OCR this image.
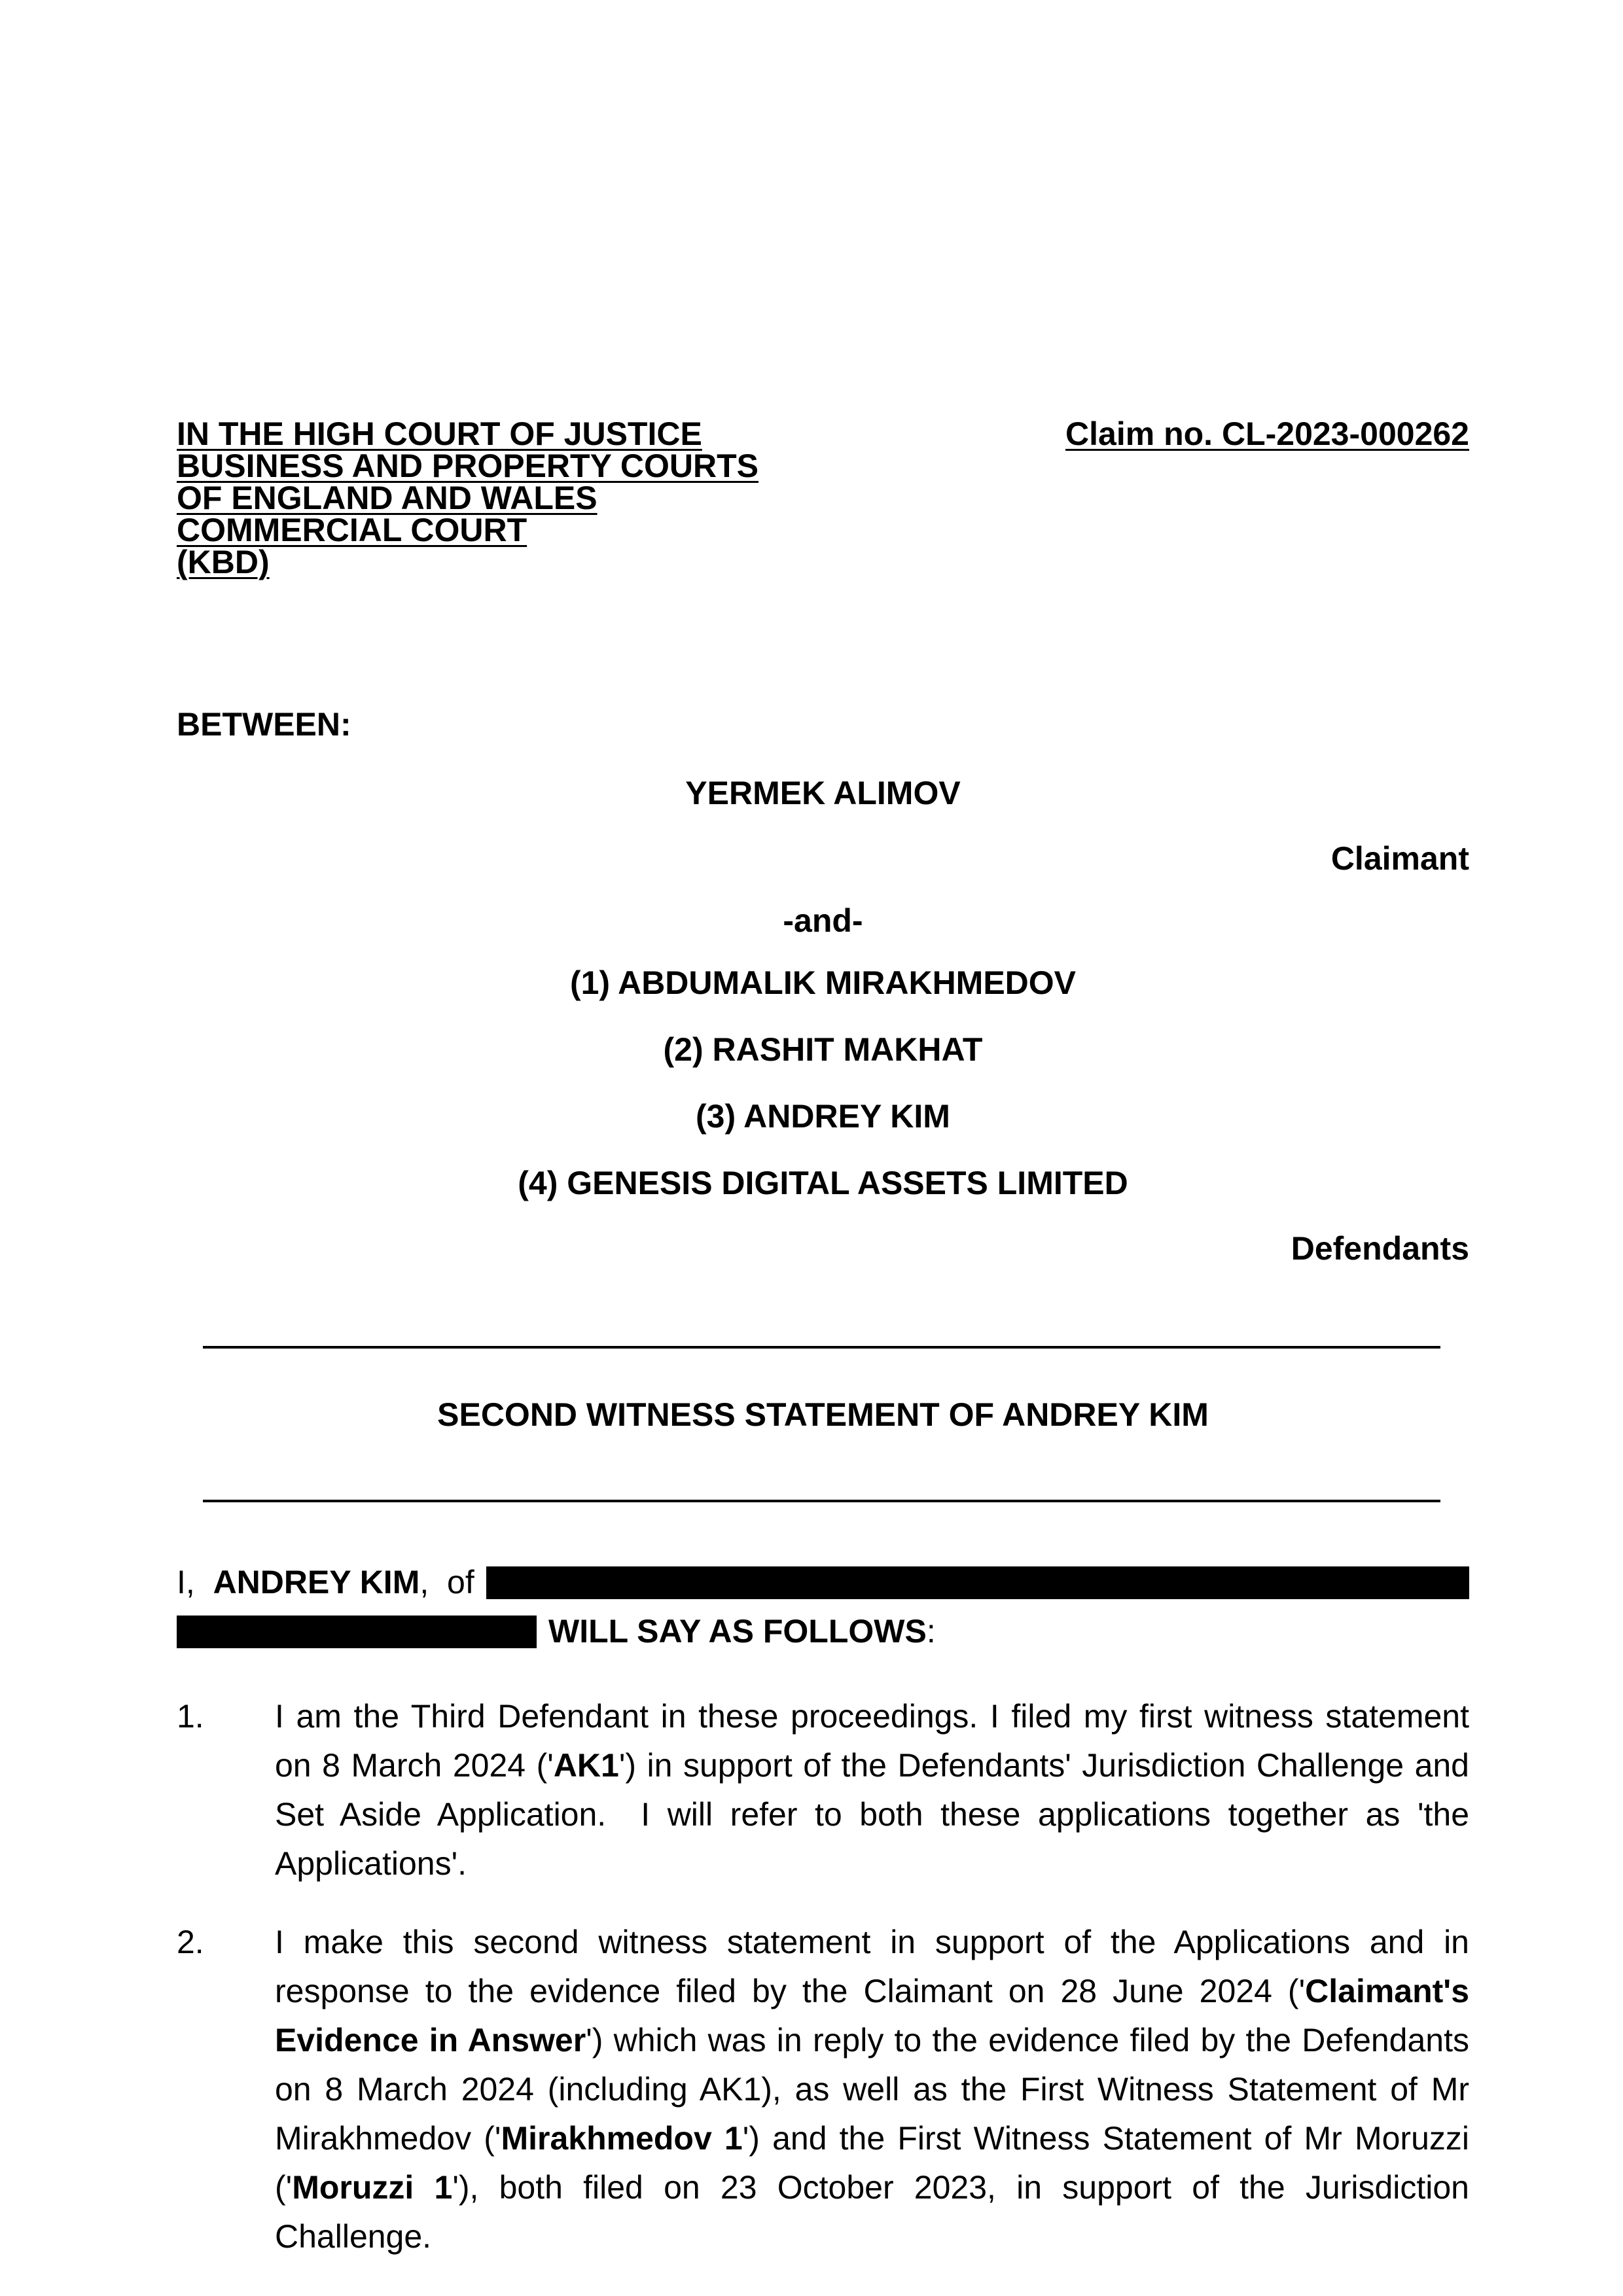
IN THE HIGH COURT OF JUSTICE
BUSINESS AND PROPERTY COURTS
OF ENGLAND AND WALES
COMMERCIAL COURT
(KBD)
Claim no. CL-2023-000262
BETWEEN:
YERMEK ALIMOV
Claimant
-and-
(1) ABDUMALIK MIRAKHMEDOV
(2) RASHIT MAKHAT
(3) ANDREY KIM
(4) GENESIS DIGITAL ASSETS LIMITED
Defendants
SECOND WITNESS STATEMENT OF ANDREY KIM
I,  ANDREY KIM,  of
WILL SAY AS FOLLOWS:
1.	I am the Third Defendant in these proceedings. I filed my first witness statement on 8 March 2024 ('AK1') in support of the Defendants' Jurisdiction Challenge and Set Aside Application.  I will refer to both these applications together as 'the Applications'.
2.	I make this second witness statement in support of the Applications and in response to the evidence filed by the Claimant on 28 June 2024 ('Claimant's Evidence in Answer') which was in reply to the evidence filed by the Defendants on 8 March 2024 (including AK1), as well as the First Witness Statement of Mr Mirakhmedov ('Mirakhmedov 1') and the First Witness Statement of Mr Moruzzi ('Moruzzi 1'), both filed on 23 October 2023, in support of the Jurisdiction Challenge.
